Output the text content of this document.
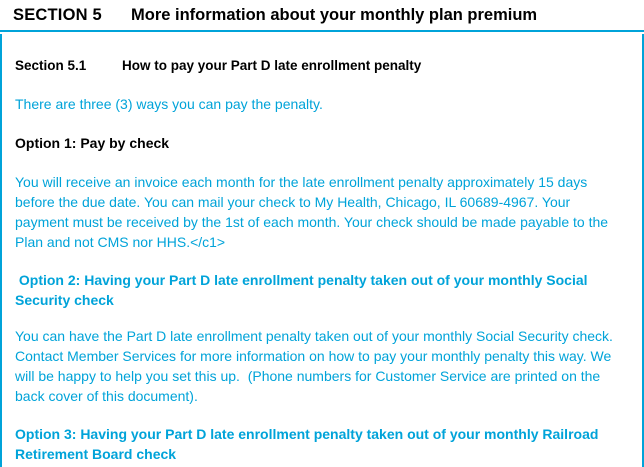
SECTION 5	More information about your monthly plan premium
Section 5.1	How to pay your Part D late enrollment penalty

There are three (3) ways you can pay the penalty.

Option 1: Pay by check

You will receive an invoice each month for the late enrollment penalty approximately 15 days before the due date. You can mail your check to My Health, Chicago, IL 60689-4967. Your payment must be received by the 1st of each month. Your check should be made payable to the Plan and not CMS nor HHS.</c1>

Option 2: Having your Part D late enrollment penalty taken out of your monthly Social Security check

You can have the Part D late enrollment penalty taken out of your monthly Social Security check. Contact Member Services for more information on how to pay your monthly penalty this way. We will be happy to help you set this up.  (Phone numbers for Customer Service are printed on the back cover of this document).

Option 3: Having your Part D late enrollment penalty taken out of your monthly Railroad Retirement Board check
